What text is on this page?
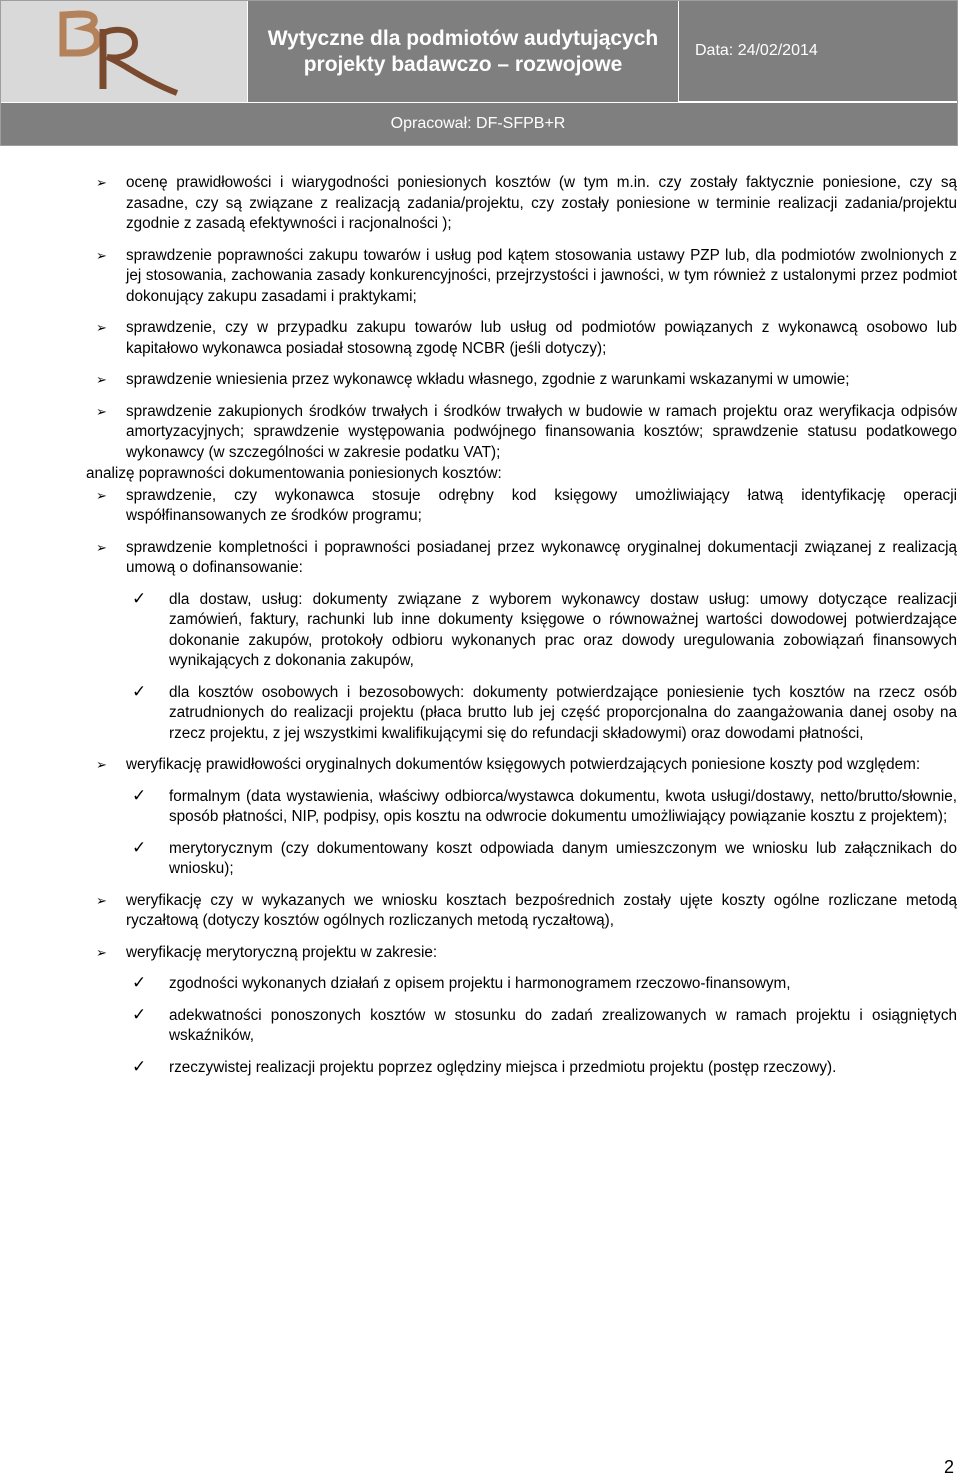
Wytyczne dla podmiotów audytujących
projekty badawczo – rozwojowe
Data: 24/02/2014
Opracował: DF-SFPB+R
➢ ocenę prawidłowości i wiarygodności poniesionych kosztów (w tym m.in. czy zostały faktycznie poniesione, czy są zasadne, czy są związane z realizacją zadania/projektu, czy zostały poniesione w terminie realizacji zadania/projektu zgodnie z zasadą efektywności i racjonalności );
➢ sprawdzenie poprawności zakupu towarów i usług pod kątem stosowania ustawy PZP lub, dla podmiotów zwolnionych z jej stosowania, zachowania zasady konkurencyjności, przejrzystości i jawności, w tym również z ustalonymi przez podmiot dokonujący zakupu zasadami i praktykami;
➢ sprawdzenie, czy w przypadku zakupu towarów lub usług od podmiotów powiązanych z wykonawcą osobowo lub kapitałowo wykonawca posiadał stosowną zgodę NCBR (jeśli dotyczy);
➢ sprawdzenie wniesienia przez wykonawcę wkładu własnego, zgodnie z warunkami wskazanymi w umowie;
➢ sprawdzenie zakupionych środków trwałych i środków trwałych w budowie w ramach projektu oraz weryfikacja odpisów amortyzacyjnych; sprawdzenie występowania podwójnego finansowania kosztów; sprawdzenie statusu podatkowego wykonawcy (w szczególności w zakresie podatku VAT);
analizę poprawności dokumentowania poniesionych kosztów:
➢ sprawdzenie, czy wykonawca stosuje odrębny kod księgowy umożliwiający łatwą identyfikację operacji współfinansowanych ze środków programu;
➢ sprawdzenie kompletności i poprawności posiadanej przez wykonawcę oryginalnej dokumentacji związanej z realizacją umową o dofinansowanie:
✓ dla dostaw, usług: dokumenty związane z wyborem wykonawcy dostaw usług: umowy dotyczące realizacji zamówień, faktury, rachunki lub inne dokumenty księgowe o równoważnej wartości dowodowej potwierdzające dokonanie zakupów, protokoły odbioru wykonanych prac oraz dowody uregulowania zobowiązań finansowych wynikających z dokonania zakupów,
✓ dla kosztów osobowych i bezosobowych: dokumenty potwierdzające poniesienie tych kosztów na rzecz osób zatrudnionych do realizacji projektu (płaca brutto lub jej część proporcjonalna do zaangażowania danej osoby na rzecz projektu, z jej wszystkimi kwalifikującymi się do refundacji składowymi) oraz dowodami płatności,
➢ weryfikację prawidłowości oryginalnych dokumentów księgowych potwierdzających poniesione koszty pod względem:
✓ formalnym (data wystawienia, właściwy odbiorca/wystawca dokumentu, kwota usługi/dostawy, netto/brutto/słownie, sposób płatności, NIP, podpisy, opis kosztu na odwrocie dokumentu umożliwiający powiązanie kosztu z projektem);
✓ merytorycznym (czy dokumentowany koszt odpowiada danym umieszczonym we wniosku lub załącznikach do wniosku);
➢ weryfikację czy w wykazanych we wniosku kosztach bezpośrednich zostały ujęte koszty ogólne rozliczane metodą ryczałtową (dotyczy kosztów ogólnych rozliczanych metodą ryczałtową),
➢ weryfikację merytoryczną projektu w zakresie:
✓ zgodności wykonanych działań z opisem projektu i harmonogramem rzeczowo-finansowym,
✓ adekwatności ponoszonych kosztów w stosunku do zadań zrealizowanych w ramach projektu i osiągniętych wskaźników,
✓ rzeczywistej realizacji projektu poprzez oględziny miejsca i przedmiotu projektu (postęp rzeczowy).
2
